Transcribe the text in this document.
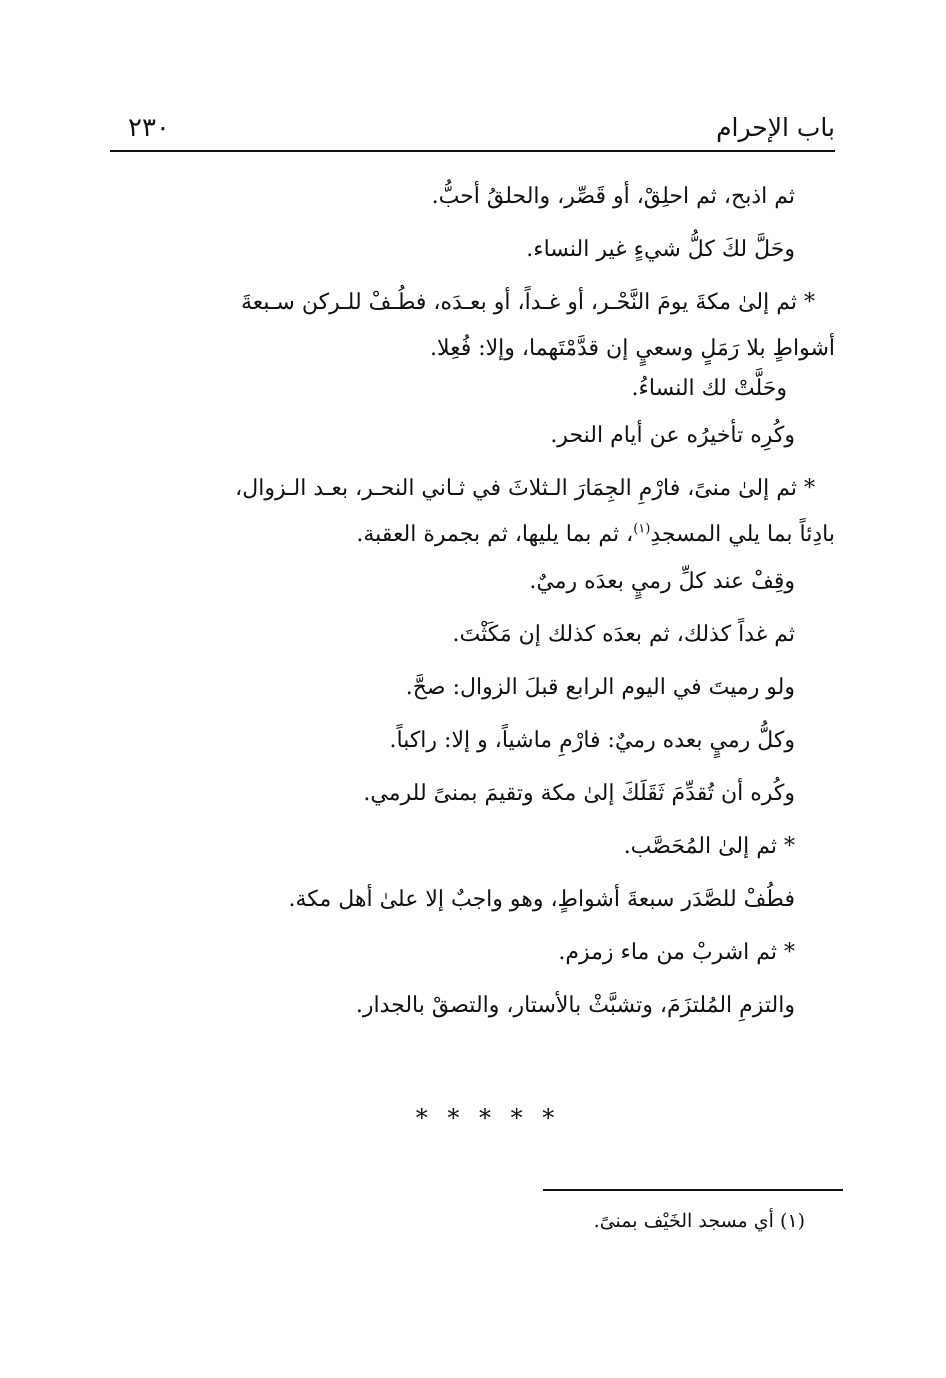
باب الإحرام
٢٣٠
ثم اذبح، ثم احلِقْ، أو قَصِّر، والحلقُ أحبُّ.
وحَلَّ لكَ كلُّ شيءٍ غير النساء.
* ثم إلىٰ مكةَ يومَ النَّحْـر، أو غـداً، أو بعـدَه، فطُـفْ للـركن سـبعةَ
أشواطٍ بلا رَمَلٍ وسعيٍ إن قدَّمْتَهما، وإلا: فُعِلا.
وحَلَّتْ لك النساءُ.
وكُرِه تأخيرُه عن أيام النحر.
* ثم إلىٰ منىً، فارْمِ الجِمَارَ الـثلاثَ في ثـاني النحـر، بعـد الـزوال،
بادِئاً بما يلي المسجدِ$^{(١)}$، ثم بما يليها، ثم بجمرة العقبة.
وقِفْ عند كلِّ رميٍ بعدَه رميٌ.
ثم غداً كذلك، ثم بعدَه كذلك إن مَكَثْتَ.
ولو رميتَ في اليوم الرابع قبلَ الزوال: صحَّ.
وكلُّ رميٍ بعده رميٌ: فارْمِ ماشياً، و إلا: راكباً.
وكُره أن تُقدِّمَ ثَقَلَكَ إلىٰ مكة وتقيمَ بمنىً للرمي.
* ثم إلىٰ المُحَصَّب.
فطُفْ للصَّدَر سبعةَ أشواطٍ، وهو واجبٌ إلا علىٰ أهل مكة.
* ثم اشربْ من ماء زمزم.
والتزمِ المُلتزَمَ، وتشبَّثْ بالأستار، والتصقْ بالجدار.
* * * * *
(١) أي مسجد الخَيْف بمنىً.
